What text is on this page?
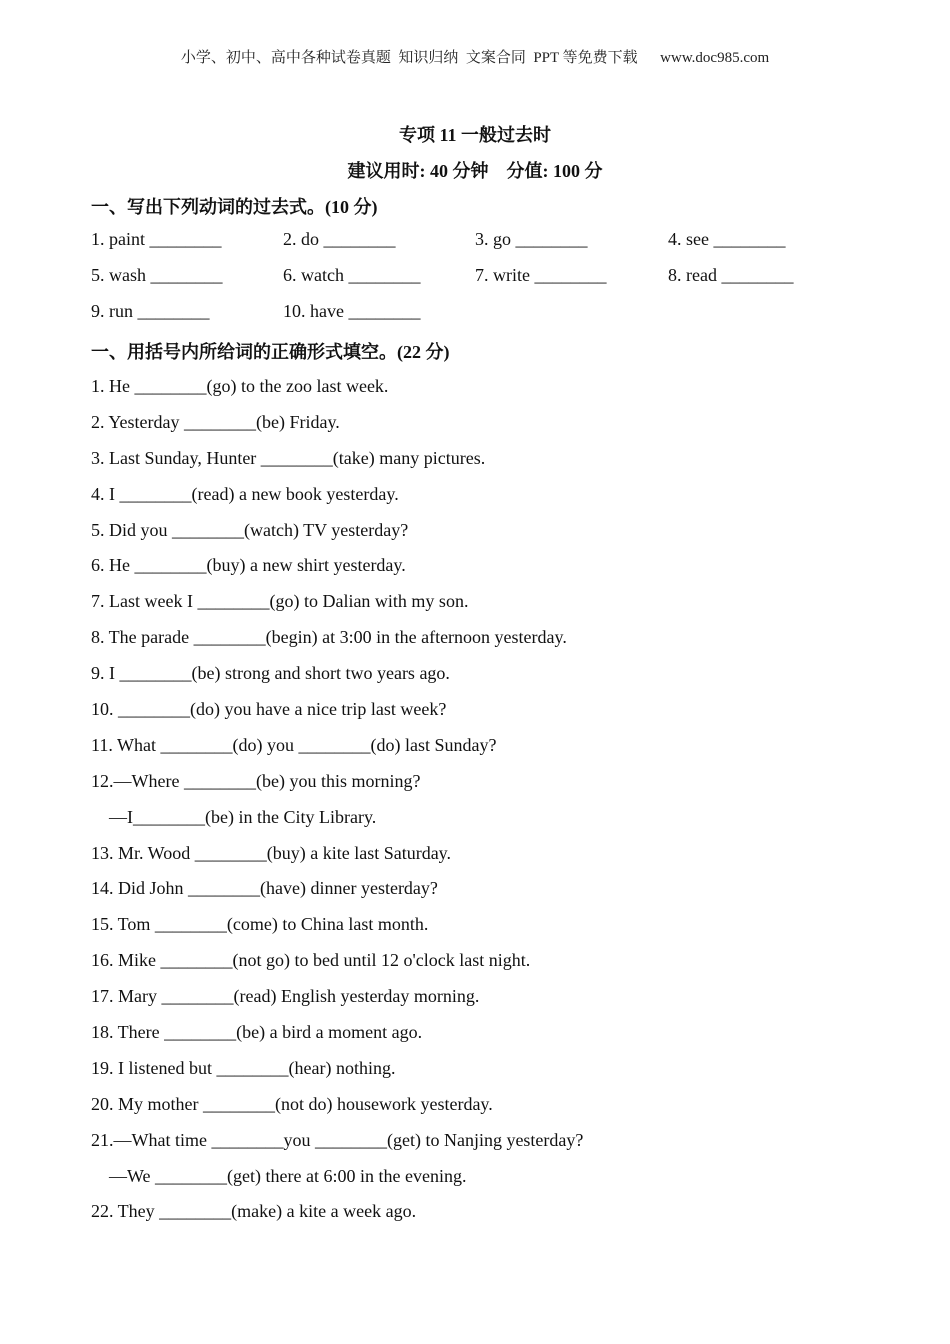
小学、初中、高中各种试卷真题  知识归纳  文案合同  PPT 等免费下载      www.doc985.com
专项 11 一般过去时
建议用时: 40 分钟    分值: 100 分
一、写出下列动词的过去式。(10 分)
1. paint ________	2. do ________	3. go ________	4. see ________
5. wash ________	6. watch ________	7. write ________	8. read ________
9. run ________	10. have ________
一、用括号内所给词的正确形式填空。(22 分)
1. He ________(go) to the zoo last week.
2. Yesterday ________(be) Friday.
3. Last Sunday, Hunter ________(take) many pictures.
4. I ________(read) a new book yesterday.
5. Did you ________(watch) TV yesterday?
6. He ________(buy) a new shirt yesterday.
7. Last week I ________(go) to Dalian with my son.
8. The parade ________(begin) at 3:00 in the afternoon yesterday.
9. I ________(be) strong and short two years ago.
10. ________(do) you have a nice trip last week?
11. What ________(do) you ________(do) last Sunday?
12.—Where ________(be) you this morning?
—I________(be) in the City Library.
13. Mr. Wood ________(buy) a kite last Saturday.
14. Did John ________(have) dinner yesterday?
15. Tom ________(come) to China last month.
16. Mike ________(not go) to bed until 12 o'clock last night.
17. Mary ________(read) English yesterday morning.
18. There ________(be) a bird a moment ago.
19. I listened but ________(hear) nothing.
20. My mother ________(not do) housework yesterday.
21.—What time ________you ________(get) to Nanjing yesterday?
—We ________(get) there at 6:00 in the evening.
22. They ________(make) a kite a week ago.
